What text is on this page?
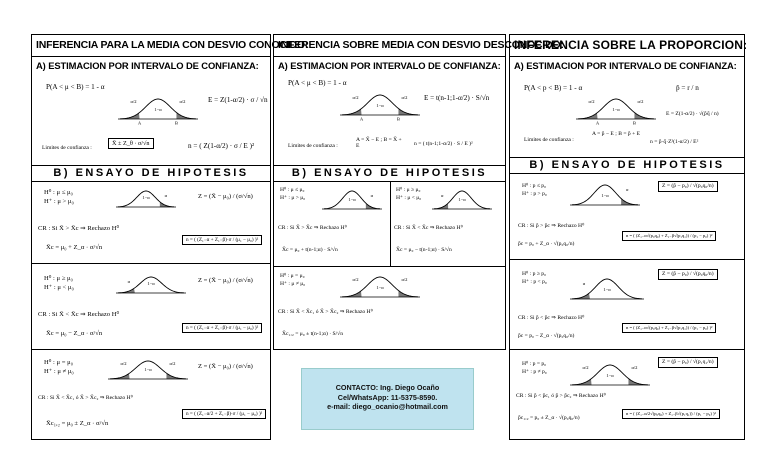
INFERENCIA PARA LA MEDIA CON DESVIO CONOCIDO:
A) ESTIMACION POR INTERVALO DE CONFIANZA:
P(A < μ < B) = 1 - α
1−α
α/2	α/2
A	B
E = Z(1-α/2) · σ / √n
Limites de confianza :
X̄ ± Z_θ · σ/√n	n = ( Z(1-α/2) · σ / E )²
B) ENSAYO DE HIPOTESIS
H⁰ : μ ≤ μ₀
H⁺ : μ > μ₀
1−α	α	Z = (X̄ − μ₀) / (σ/√n)
CR : Si X̄ > X̄c ⇒ Rechazo H⁰
X̄c = μ₀ + Z_α · σ/√n
n = ( (Z₁₋α + Z₁₋β)·σ / (μ₁ − μ₀) )²
H⁰ : μ ≥ μ₀
H⁺ : μ < μ₀
1−α
α	Z = (X̄ − μ₀) / (σ/√n)
CR : Si X̄ < X̄c ⇒ Rechazo H⁰
X̄c = μ₀ − Z_α · σ/√n
n = ( (Z₁₋α + Z₁₋β)·σ / (μ₁ − μ₀) )²
H⁰ : μ = μ₀
H⁺ : μ ≠ μ₀	1−α
α/2	α/2	Z = (X̄ − μ₀) / (σ/√n)
CR : Si X̄ < X̄c₁ ó X̄ > X̄c₂ ⇒ Rechazo H⁰
X̄c₁,₂ = μ₀ ± Z_α · σ/√n
n = ( (Z₁₋α/2 + Z₁₋β)·σ / (μ₁ − μ₀) )²
INFERENCIA SOBRE MEDIA CON DESVIO DESCONOCIDO:
A) ESTIMACION POR INTERVALO DE CONFIANZA:
P(A < μ < B) = 1 - α
1−α
α/2	α/2
A	B
E = t(n-1;1-α/2) · S/√n
Limites de confianza :
A = X̄ − E ; B = X̄ + E	n = ( t(n-1;1-α/2) · S / E )²
B) ENSAYO DE HIPOTESIS
H⁰ : μ ≤ μ₀
H⁺ : μ > μ₀	1−α
α
CR : Si X̄ > X̄c ⇒ Rechazo H⁰
X̄c = μ₀ + t(n-1;α) · S/√n
H⁰ : μ ≥ μ₀
H⁺ : μ < μ₀	1−α
α
CR : Si X̄ < X̄c ⇒ Rechazo H⁰
X̄c = μ₀ − t(n-1;α) · S/√n
H⁰ : μ = μ₀
H⁺ : μ ≠ μ₀
1−α
α/2	α/2
CR : Si X̄ < X̄c₁ ó X̄ > X̄c₂ ⇒ Rechazo H⁰
X̄c₁,₂ = μ₀ ± t(n-1;α) · S/√n
CONTACTO: Ing. Diego Ocaño
Cel/WhatsApp: 11-5375-8590.
e-mail: diego_ocanio@hotmail.com
INFERENCIA SOBRE LA PROPORCION:
A) ESTIMACION POR INTERVALO DE CONFIANZA:
P(A < p < B) = 1 - α	p̂ = r / n
1−α
α/2	α/2
A	B
E = Z(1-α/2) · √(p̂q̂ / n)
Limites de confianza :
A = p̂ − E ; B = p̂ + E
n = p̂·q̂·Z²(1-α/2) / E²
B) ENSAYO DE HIPOTESIS
H⁰ : p ≤ p₀
H⁺ : p > p₀	1−α
α
Z = (p̂ − p₀) / √(p₀q₀/n)
CR : Si p̂ > p̂c ⇒ Rechazo H⁰
p̂c = p₀ + Z_α · √(p₀q₀/n)
n = ( (Z₁₋α√(p₀q₀) + Z₁₋β√(p₁q₁)) / (p₁ − p₀) )²
H⁰ : p ≥ p₀
H⁺ : p < p₀
1−α
α
Z = (p̂ − p₀) / √(p₀q₀/n)
CR : Si p̂ < p̂c ⇒ Rechazo H⁰
p̂c = p₀ − Z_α · √(p₀q₀/n)
n = ( (Z₁₋α√(p₀q₀) + Z₁₋β√(p₁q₁)) / (p₁ − p₀) )²
H⁰ : p = p₀
H⁺ : p ≠ p₀
1−α
α/2	α/2
Z = (p̂ − p₀) / √(p₁q₁/n)
CR : Si p̂ < p̂c₁ ó p̂ > p̂c₂ ⇒ Rechazo H⁰
p̂c₁,₂ = p₀ ± Z_α · √(p₀q₀/n)
n = ( (Z₁₋α/2√(p₀q₀) + Z₁₋β√(p₁q₁)) / (p₁ − p₀) )²
